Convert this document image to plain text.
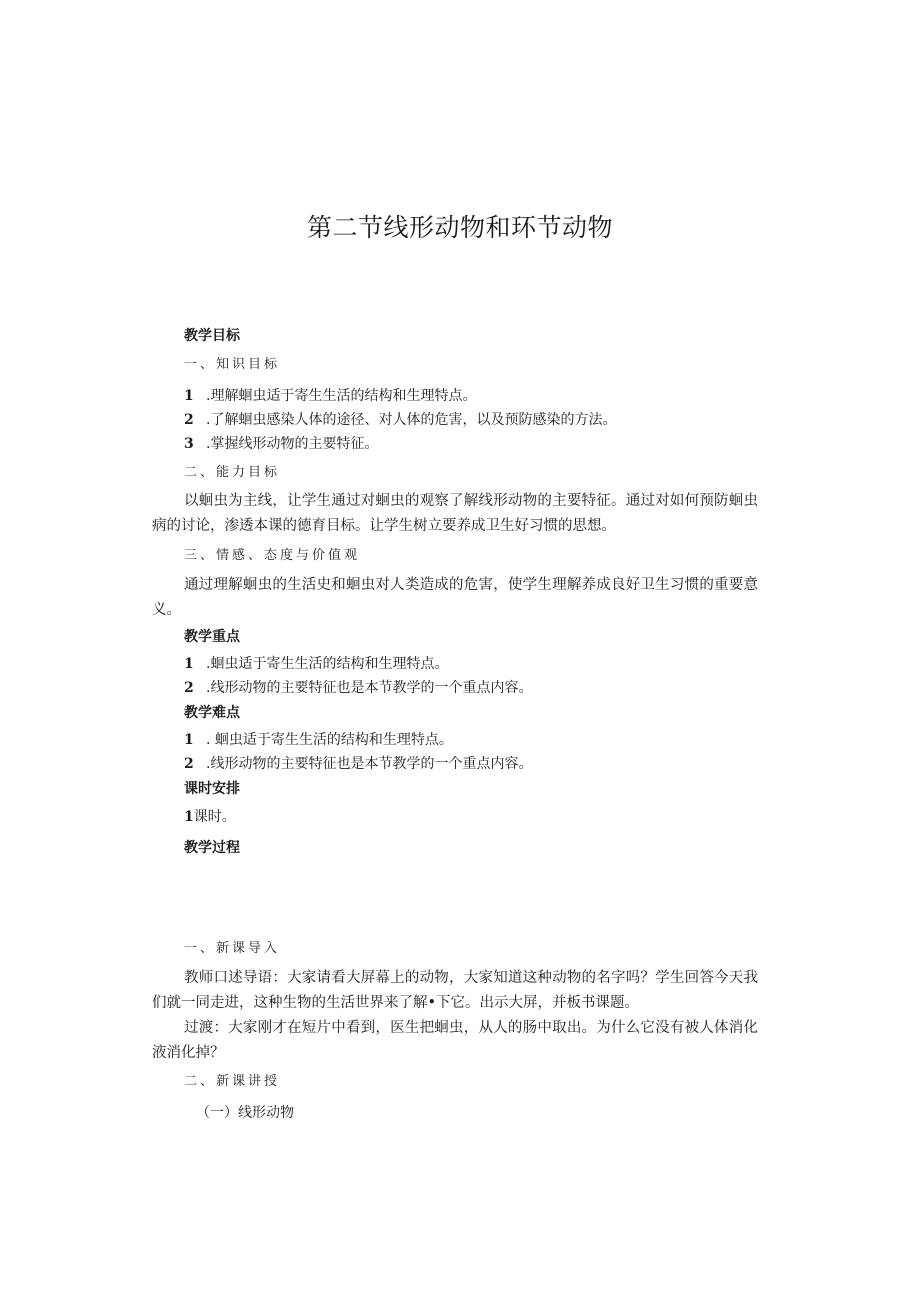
第二节线形动物和环节动物
教学目标
一、知识目标
1 .理解蛔虫适于寄生生活的结构和生理特点。
2 .了解蛔虫感染人体的途径、对人体的危害，以及预防感染的方法。
3 .掌握线形动物的主要特征。
二、能力目标
以蛔虫为主线，让学生通过对蛔虫的观察了解线形动物的主要特征。通过对如何预防蛔虫病的讨论，渗透本课的德育目标。让学生树立要养成卫生好习惯的思想。
三、情感、态度与价值观
通过理解蛔虫的生活史和蛔虫对人类造成的危害，使学生理解养成良好卫生习惯的重要意义。
教学重点
1 .蛔虫适于寄生生活的结构和生理特点。
2 .线形动物的主要特征也是本节教学的一个重点内容。
教学难点
1 . 蛔虫适于寄生生活的结构和生理特点。
2 .线形动物的主要特征也是本节教学的一个重点内容。
课时安排
1课时。
教学过程
一、新课导入
教师口述导语：大家请看大屏幕上的动物，大家知道这种动物的名字吗？学生回答今天我们就一同走进，这种生物的生活世界来了解•下它。出示大屏，并板书课题。
过渡：大家刚才在短片中看到，医生把蛔虫，从人的肠中取出。为什么它没有被人体消化液消化掉？
二、新课讲授
（一）线形动物
